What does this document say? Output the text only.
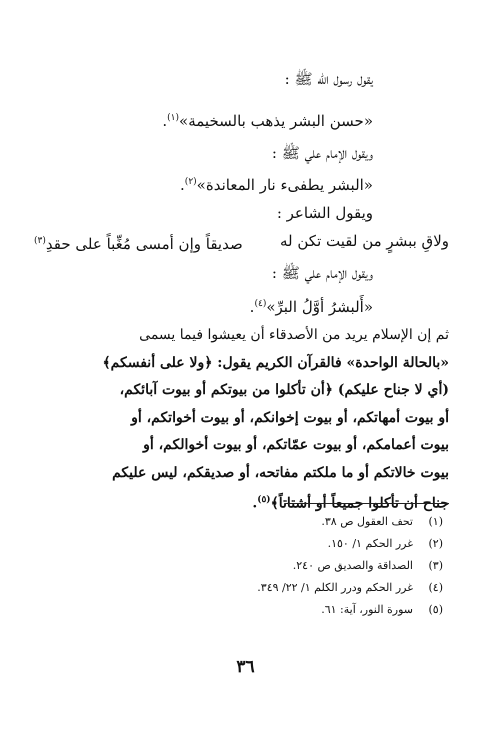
يقول رسول الله ﷺ :
«حسن البشر يذهب بالسخيمة»$^{(١)}$.
ويقول الإمام علي ﷺ :
«البشر يطفىء نار المعاندة»$^{(٢)}$.
ويقول الشاعر :
ولاقِ ببشرٍ من لقيت تكن له
صديقاً وإن أمسى مُغِّباً على حقدِ$^{(٣)}$
ويقول الإمام علي ﷺ :
«أَلبشرُ أوَّلُ البرِّ»$^{(٤)}$.
ثم إن الإسلام يريد من الأصدقاء أن يعيشوا فيما يسمى
«بالحالة الواحدة» فالقرآن الكريم يقول: ﴿ولا على أنفسكم﴾
(أي لا جناح عليكم) ﴿أن تأكلوا من بيوتكم أو بيوت آبائكم،
أو بيوت أمهاتكم، أو بيوت إخوانكم، أو بيوت أخواتكم، أو
بيوت أعمامكم، أو بيوت عمّاتكم، أو بيوت أخوالكم، أو
بيوت خالاتكم أو ما ملكتم مفاتحه، أو صديقكم، ليس عليكم
جناح أن تأكلوا جميعاً أو أشتاتاً﴾$^{(٥)}$.
(١)تحف العقول ص ٣٨.
(٢)غرر الحكم ١/ ١٥٠.
(٣)الصداقة والصديق ص ٢٤٠.
(٤)غرر الحكم ودرر الكلم ١/ ٢٢/ ٣٤٩.
(٥)سورة النور، آية: ٦١.
٣٦
